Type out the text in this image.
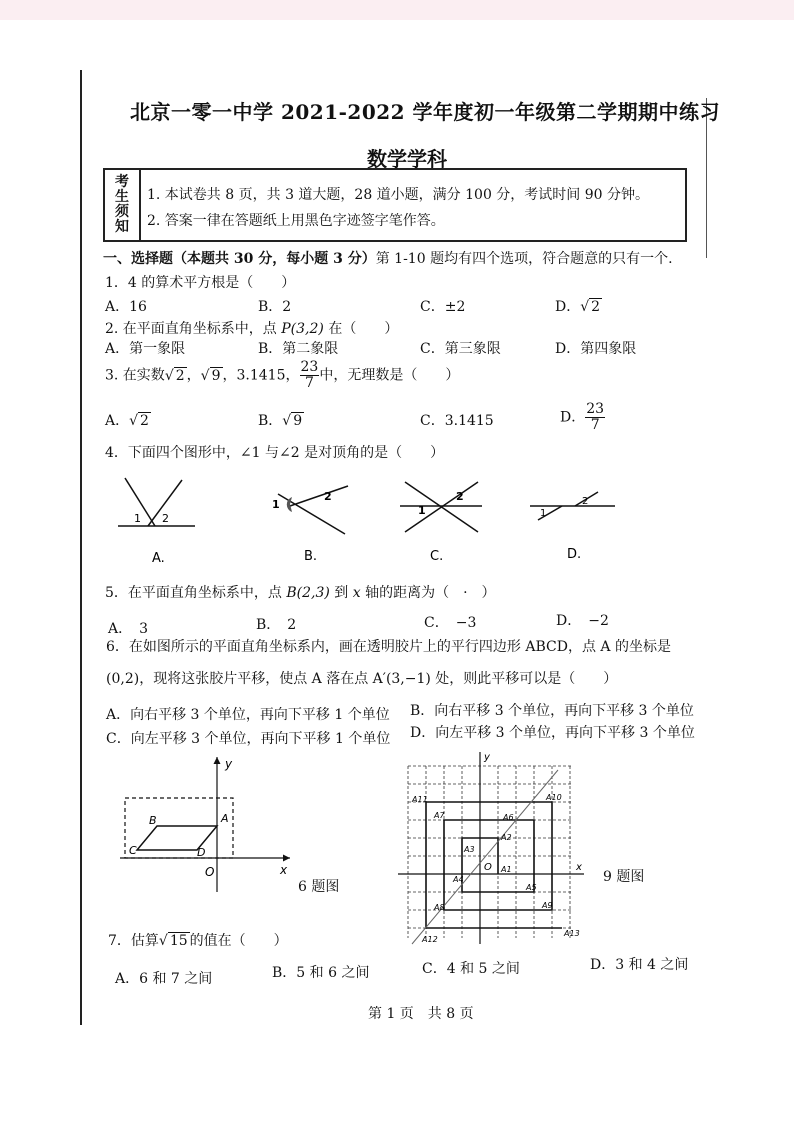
北京一零一中学 2021-2022 学年度初一年级第二学期期中练习
数学学科
考
生
须
知
1. 本试卷共 8 页，共 3 道大题，28 道小题，满分 100 分，考试时间 90 分钟。
2. 答案一律在答题纸上用黑色字迹签字笔作答。
一、选择题（本题共 30 分，每小题 3 分）第 1-10 题均有四个选项，符合题意的只有一个.
1．4 的算术平方根是（　　）
A．16	B．2	C．±2	D．√ 2
2. 在平面直角坐标系中，点 P(3,2) 在（　　）
A．第一象限	B．第二象限	C．第三象限	D．第四象限
3. 在实数√ 2 ，√ 9 ，3.1415， $\frac{23}{7}$ 中，无理数是（　　）
A．√ 2	B．√ 9	C．3.1415	D． $\frac{23}{7}$
4．下面四个图形中，∠1 与∠2 是对顶角的是（　　）
1 2
1
2
1
2
1
2
A.	B.	C.	D.
5．在平面直角坐标系中，点 B(2,3) 到 x 轴的距离为（　·　）
A．　3	B．　2	C．　−3	D．　−2
6．在如图所示的平面直角坐标系内，画在透明胶片上的平行四边形 ABCD，点 A 的坐标是
(0,2)，现将这张胶片平移，使点 A 落在点 A′(3,−1) 处，则此平移可以是（　　）
A．向右平移 3 个单位，再向下平移 1 个单位 B．向右平移 3 个单位，再向下平移 3 个单位
C．向左平移 3 个单位，再向下平移 1 个单位 D．向左平移 3 个单位，再向下平移 3 个单位
y
x
O
A
B
C	D
6 题图
A1
A2
A3
A4
A5
A6
A7
A8	A9
A10
A11
A12
A13
O
y
x
9 题图
7．估算√ 15 的值在（　　）
A．6 和 7 之间	B．5 和 6 之间	C．4 和 5 之间	D．3 和 4 之间
第 1 页　共 8 页
